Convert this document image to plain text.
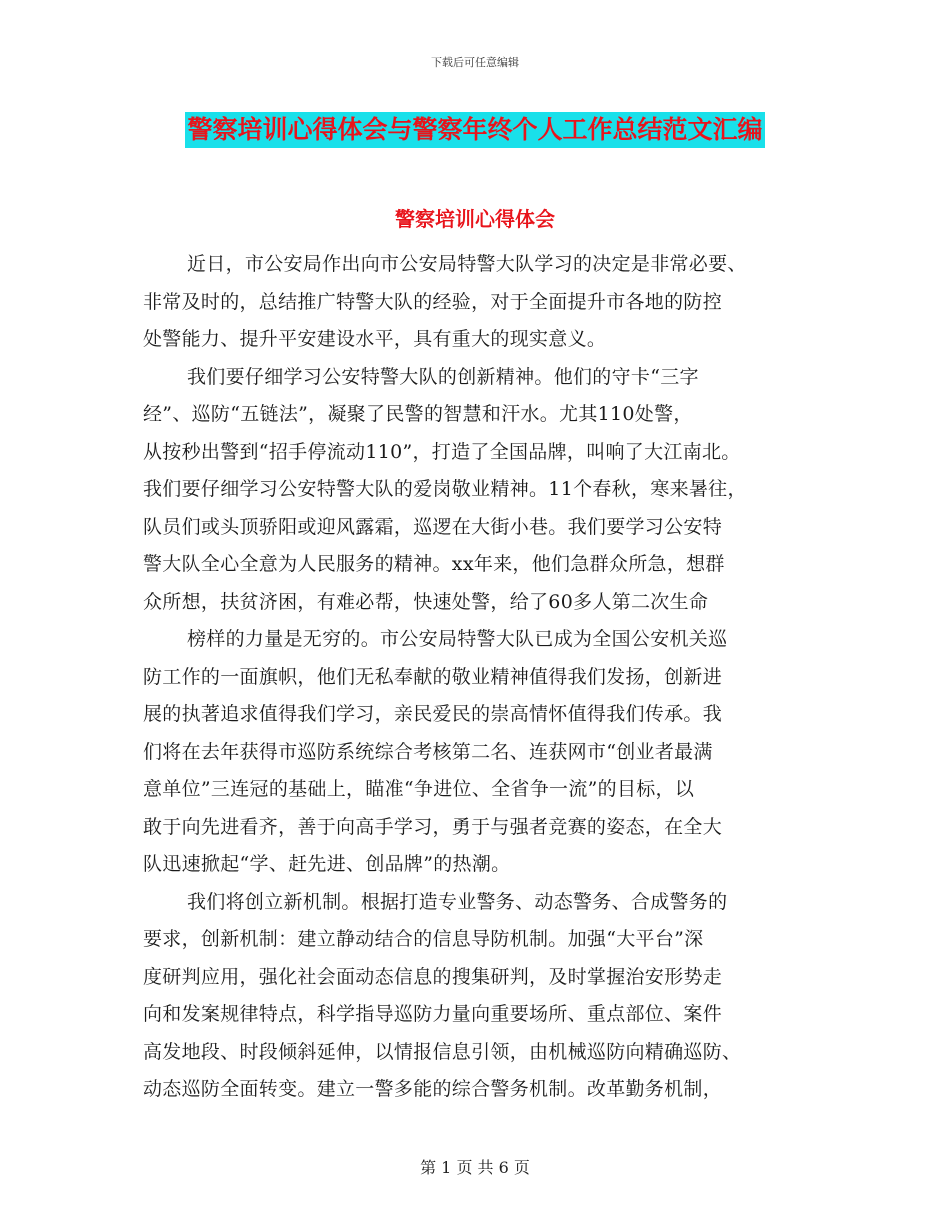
下载后可任意编辑
警察培训心得体会与警察年终个人工作总结范文汇编
警察培训心得体会
近日，市公安局作出向市公安局特警大队学习的决定是非常必要、
非常及时的，总结推广特警大队的经验，对于全面提升市各地的防控
处警能力、提升平安建设水平，具有重大的现实意义。
我们要仔细学习公安特警大队的创新精神。他们的守卡“三字
经”、巡防“五链法”，凝聚了民警的智慧和汗水。尤其110处警，
从按秒出警到“招手停流动110”，打造了全国品牌，叫响了大江南北。
我们要仔细学习公安特警大队的爱岗敬业精神。11个春秋，寒来暑往，
队员们或头顶骄阳或迎风露霜，巡逻在大街小巷。我们要学习公安特
警大队全心全意为人民服务的精神。xx年来，他们急群众所急，想群
众所想，扶贫济困，有难必帮，快速处警，给了60多人第二次生命
榜样的力量是无穷的。市公安局特警大队已成为全国公安机关巡
防工作的一面旗帜，他们无私奉献的敬业精神值得我们发扬，创新进
展的执著追求值得我们学习，亲民爱民的崇高情怀值得我们传承。我
们将在去年获得市巡防系统综合考核第二名、连获网市“创业者最满
意单位”三连冠的基础上，瞄准“争进位、全省争一流”的目标，以
敢于向先进看齐，善于向高手学习，勇于与强者竞赛的姿态，在全大
队迅速掀起“学、赶先进、创品牌”的热潮。
我们将创立新机制。根据打造专业警务、动态警务、合成警务的
要求，创新机制：建立静动结合的信息导防机制。加强“大平台”深
度研判应用，强化社会面动态信息的搜集研判，及时掌握治安形势走
向和发案规律特点，科学指导巡防力量向重要场所、重点部位、案件
高发地段、时段倾斜延伸，以情报信息引领，由机械巡防向精确巡防、
动态巡防全面转变。建立一警多能的综合警务机制。改革勤务机制，
第 1 页 共 6 页
